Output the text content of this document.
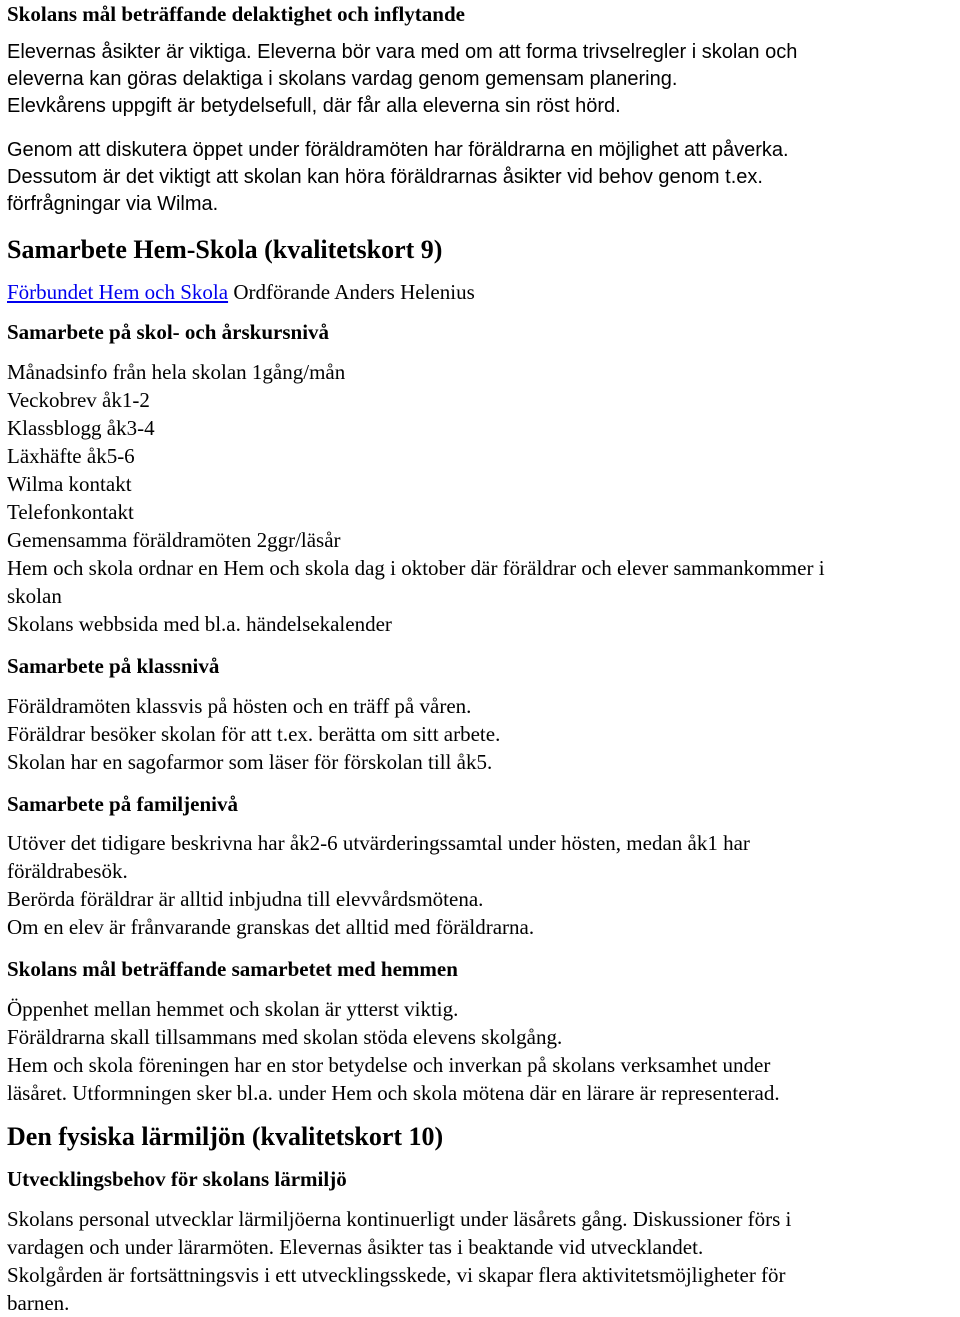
Skolans mål beträffande delaktighet och inflytande
Elevernas åsikter är viktiga. Eleverna bör vara med om att forma trivselregler i skolan och
eleverna kan göras delaktiga i skolans vardag genom gemensam planering.
Elevkårens uppgift är betydelsefull, där får alla eleverna sin röst hörd.
Genom att diskutera öppet under föräldramöten har föräldrarna en möjlighet att påverka.
Dessutom är det viktigt att skolan kan höra föräldrarnas åsikter vid behov genom t.ex.
förfrågningar via Wilma.
Samarbete Hem-Skola (kvalitetskort 9)
Förbundet Hem och Skola Ordförande Anders Helenius
Samarbete på skol- och årskursnivå
Månadsinfo från hela skolan 1gång/mån
Veckobrev åk1-2
Klassblogg åk3-4
Läxhäfte åk5-6
Wilma kontakt
Telefonkontakt
Gemensamma föräldramöten 2ggr/läsår
Hem och skola ordnar en Hem och skola dag i oktober där föräldrar och elever sammankommer i
skolan
Skolans webbsida med bl.a. händelsekalender
Samarbete på klassnivå
Föräldramöten klassvis på hösten och en träff på våren.
Föräldrar besöker skolan för att t.ex. berätta om sitt arbete.
Skolan har en sagofarmor som läser för förskolan till åk5.
Samarbete på familjenivå
Utöver det tidigare beskrivna har åk2-6 utvärderingssamtal under hösten, medan åk1 har
föräldrabesök.
Berörda föräldrar är alltid inbjudna till elevvårdsmötena.
Om en elev är frånvarande granskas det alltid med föräldrarna.
Skolans mål beträffande samarbetet med hemmen
Öppenhet mellan hemmet och skolan är ytterst viktig.
Föräldrarna skall tillsammans med skolan stöda elevens skolgång.
Hem och skola föreningen har en stor betydelse och inverkan på skolans verksamhet under
läsåret. Utformningen sker bl.a. under Hem och skola mötena där en lärare är representerad.
Den fysiska lärmiljön (kvalitetskort 10)
Utvecklingsbehov för skolans lärmiljö
Skolans personal utvecklar lärmiljöerna kontinuerligt under läsårets gång. Diskussioner förs i
vardagen och under lärarmöten. Elevernas åsikter tas i beaktande vid utvecklandet.
Skolgården är fortsättningsvis i ett utvecklingsskede, vi skapar flera aktivitetsmöjligheter för
barnen.
